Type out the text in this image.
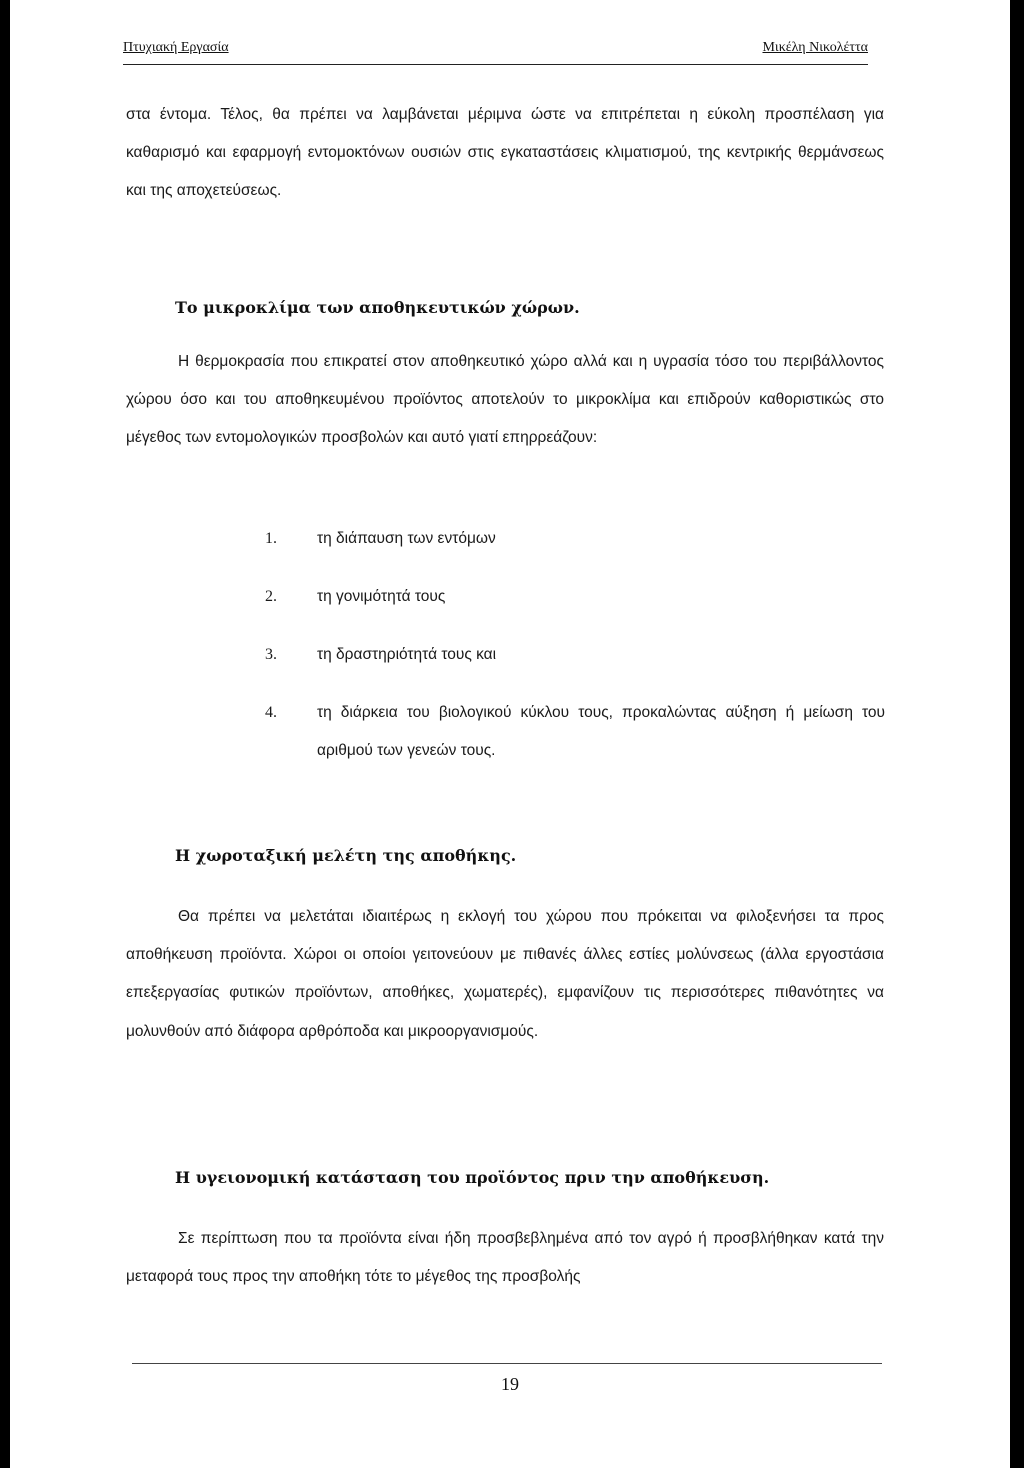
Πτυχιακή Εργασία	Μικέλη Νικολέττα

στα έντομα. Τέλος, θα πρέπει να λαμβάνεται μέριμνα ώστε να επιτρέπεται η εύκολη προσπέλαση για καθαρισμό και εφαρμογή εντομοκτόνων ουσιών στις εγκαταστάσεις κλιματισμού, της κεντρικής θερμάνσεως και της αποχετεύσεως.

Το μικροκλίμα των αποθηκευτικών χώρων.

Η θερμοκρασία που επικρατεί στον αποθηκευτικό χώρο αλλά και η υγρασία τόσο του περιβάλλοντος χώρου όσο και του αποθηκευμένου προϊόντος αποτελούν το μικροκλίμα και επιδρούν καθοριστικώς στο μέγεθος των εντομολογικών προσβολών και αυτό γιατί επηρρεάζουν:

1.	τη διάπαυση των εντόμων
2.	τη γονιμότητά τους
3.	τη δραστηριότητά τους και
4.	τη διάρκεια του βιολογικού κύκλου τους, προκαλώντας αύξηση ή μείωση του αριθμού των γενεών τους.
Η χωροταξική μελέτη της αποθήκης.

Θα πρέπει να μελετάται ιδιαιτέρως η εκλογή του χώρου που πρόκειται να φιλοξενήσει τα προς αποθήκευση προϊόντα. Χώροι οι οποίοι γειτονεύουν με πιθανές άλλες εστίες μολύνσεως (άλλα εργοστάσια επεξεργασίας φυτικών προϊόντων, αποθήκες, χωματερές), εμφανίζουν τις περισσότερες πιθανότητες να μολυνθούν από διάφορα αρθρόποδα και μικροοργανισμούς.

Η υγειονομική κατάσταση του προϊόντος πριν την αποθήκευση.

Σε περίπτωση που τα προϊόντα είναι ήδη προσβεβλημένα από τον αγρό ή προσβλήθηκαν κατά την μεταφορά τους προς την αποθήκη τότε το μέγεθος της προσβολής

19
